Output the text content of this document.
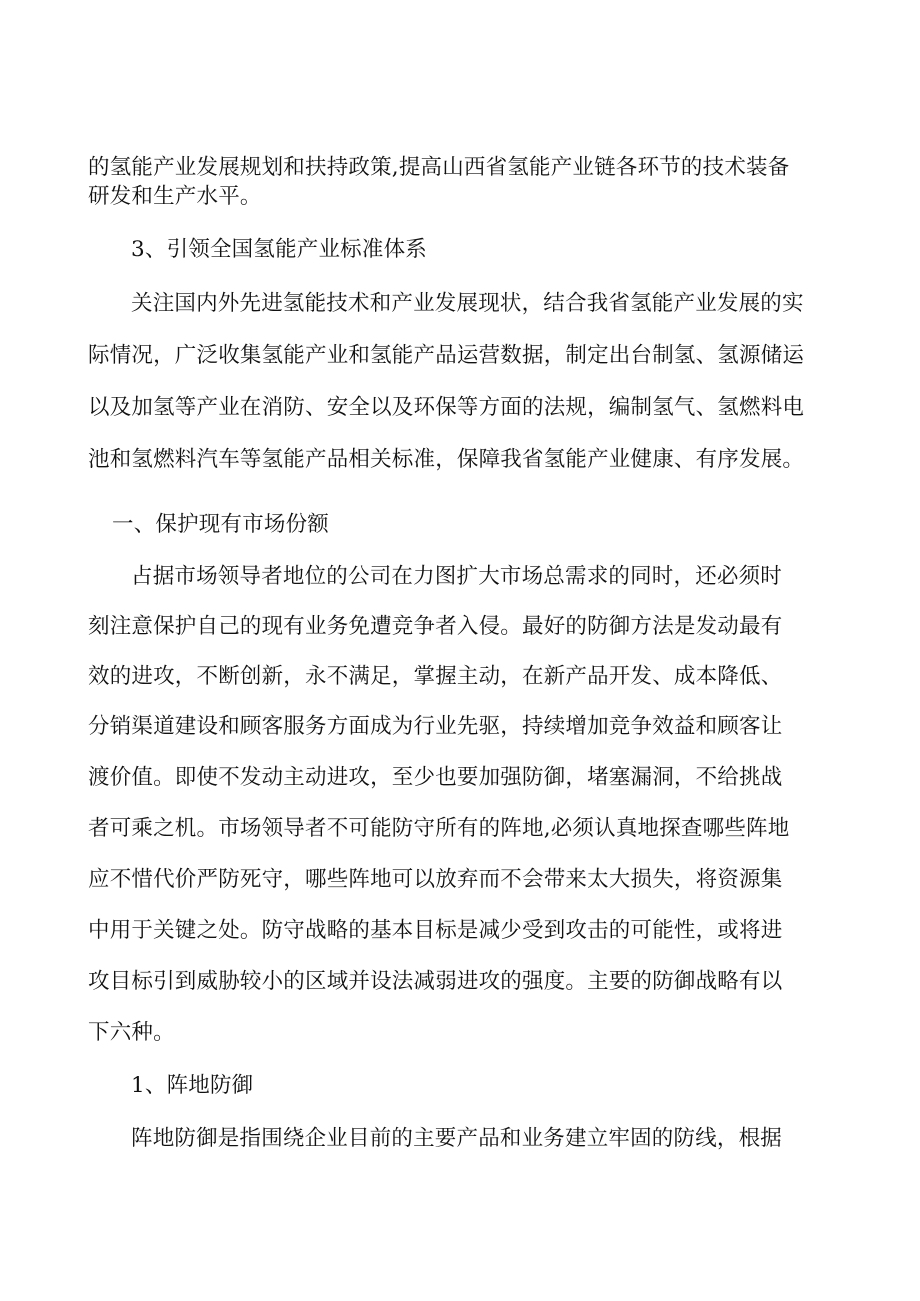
的氢能产业发展规划和扶持政策,提高山西省氢能产业链各环节的技术装备
研发和生产水平。
3、引领全国氢能产业标准体系
关注国内外先进氢能技术和产业发展现状，结合我省氢能产业发展的实
际情况，广泛收集氢能产业和氢能产品运营数据，制定出台制氢、氢源储运
以及加氢等产业在消防、安全以及环保等方面的法规，编制氢气、氢燃料电
池和氢燃料汽车等氢能产品相关标准，保障我省氢能产业健康、有序发展。
一、保护现有市场份额
占据市场领导者地位的公司在力图扩大市场总需求的同时，还必须时
刻注意保护自己的现有业务免遭竞争者入侵。最好的防御方法是发动最有
效的进攻，不断创新，永不满足，掌握主动，在新产品开发、成本降低、
分销渠道建设和顾客服务方面成为行业先驱，持续增加竞争效益和顾客让
渡价值。即使不发动主动进攻，至少也要加强防御，堵塞漏洞，不给挑战
者可乘之机。市场领导者不可能防守所有的阵地,必须认真地探查哪些阵地
应不惜代价严防死守，哪些阵地可以放弃而不会带来太大损失，将资源集
中用于关键之处。防守战略的基本目标是减少受到攻击的可能性，或将进
攻目标引到威胁较小的区域并设法减弱进攻的强度。主要的防御战略有以
下六种。
1、阵地防御
阵地防御是指围绕企业目前的主要产品和业务建立牢固的防线，根据
